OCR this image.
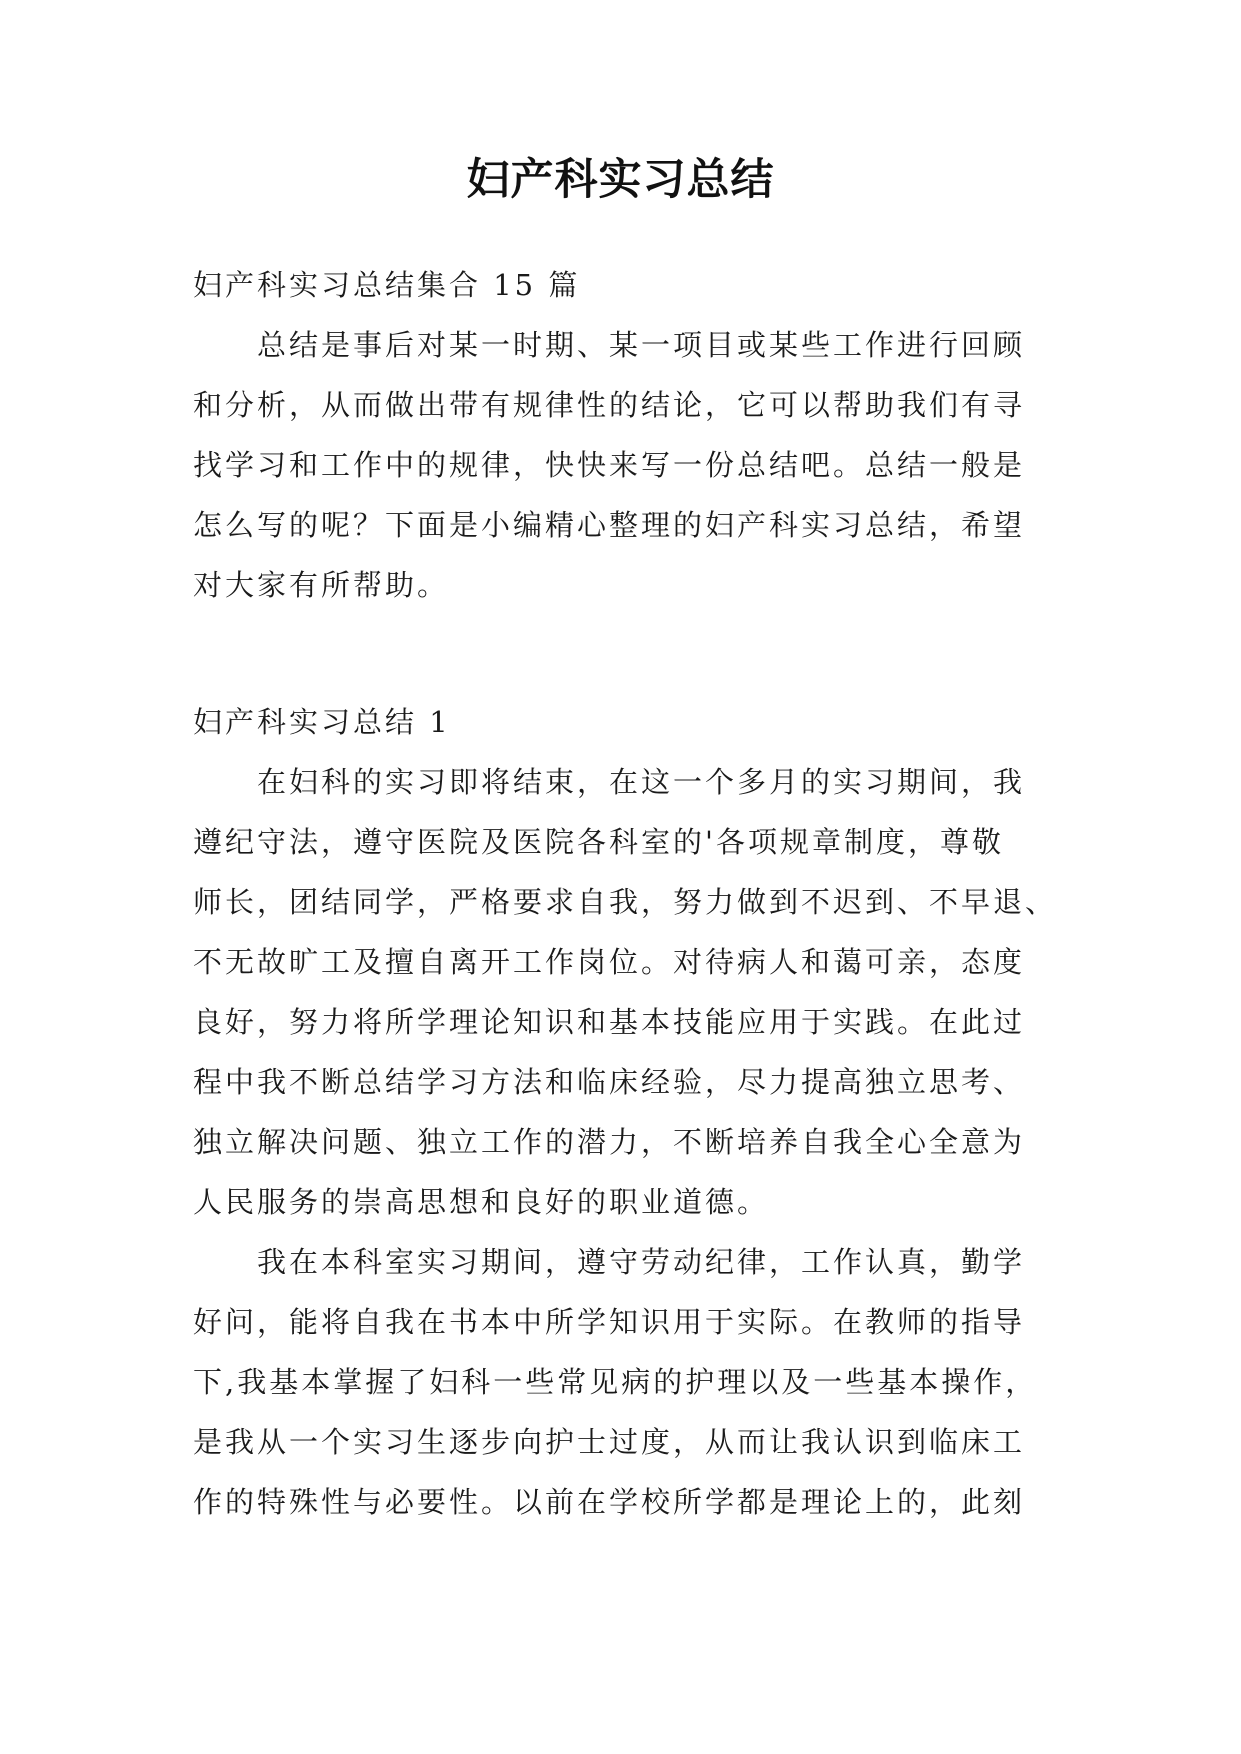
妇产科实习总结
妇产科实习总结集合 15 篇
总结是事后对某一时期、某一项目或某些工作进行回顾
和分析，从而做出带有规律性的结论，它可以帮助我们有寻
找学习和工作中的规律，快快来写一份总结吧。总结一般是
怎么写的呢？下面是小编精心整理的妇产科实习总结，希望
对大家有所帮助。
妇产科实习总结 1
在妇科的实习即将结束，在这一个多月的实习期间，我
遵纪守法，遵守医院及医院各科室的'各项规章制度，尊敬
师长，团结同学，严格要求自我，努力做到不迟到、不早退、
不无故旷工及擅自离开工作岗位。对待病人和蔼可亲，态度
良好，努力将所学理论知识和基本技能应用于实践。在此过
程中我不断总结学习方法和临床经验，尽力提高独立思考、
独立解决问题、独立工作的潜力，不断培养自我全心全意为
人民服务的崇高思想和良好的职业道德。
我在本科室实习期间，遵守劳动纪律，工作认真，勤学
好问，能将自我在书本中所学知识用于实际。在教师的指导
下,我基本掌握了妇科一些常见病的护理以及一些基本操作，
是我从一个实习生逐步向护士过度，从而让我认识到临床工
作的特殊性与必要性。以前在学校所学都是理论上的，此刻
